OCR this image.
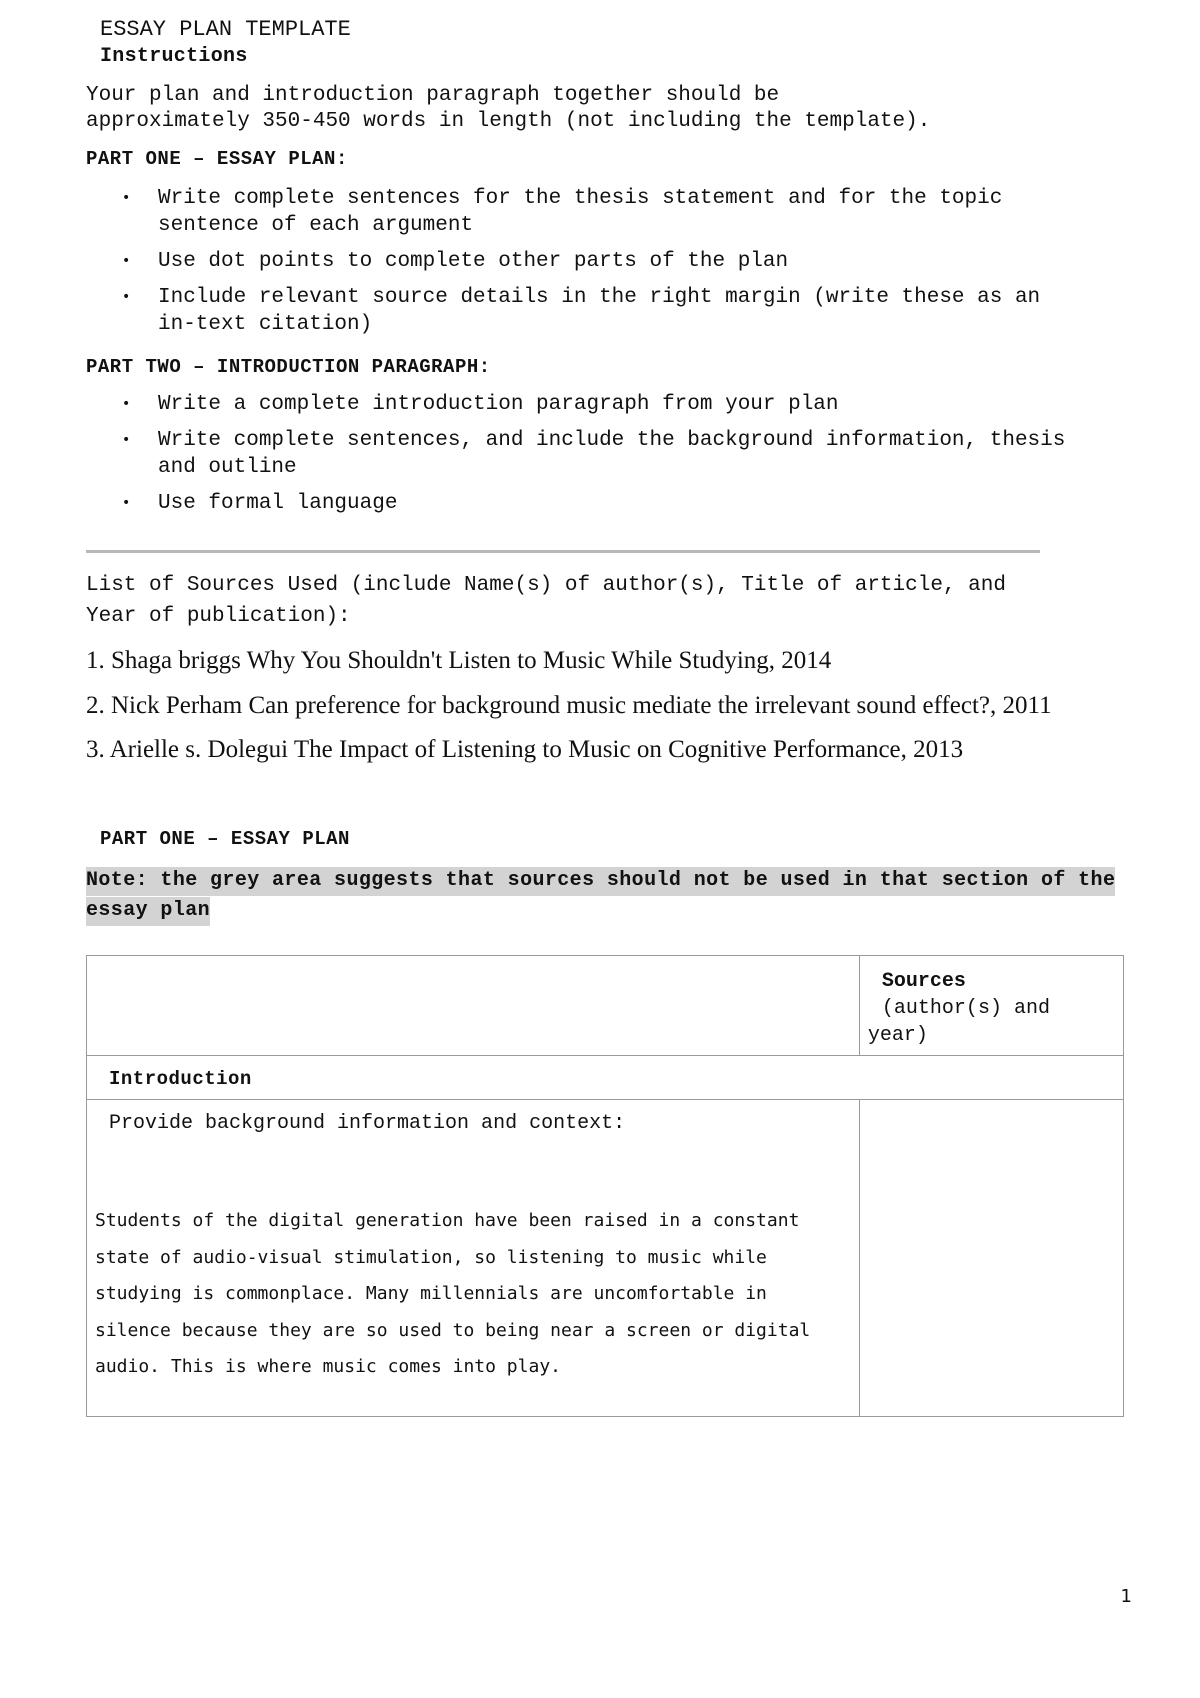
ESSAY PLAN TEMPLATE
Instructions
Your plan and introduction paragraph together should be
approximately 350-450 words in length (not including the template).
PART ONE – ESSAY PLAN:
• Write complete sentences for the thesis statement and for the topic
sentence of each argument
• Use dot points to complete other parts of the plan
• Include relevant source details in the right margin (write these as an
in-text citation)
PART TWO – INTRODUCTION PARAGRAPH:
• Write a complete introduction paragraph from your plan
• Write complete sentences, and include the background information, thesis
and outline
• Use formal language
List of Sources Used (include Name(s) of author(s), Title of article, and
Year of publication):
1. Shaga briggs Why You Shouldn't Listen to Music While Studying, 2014
2. Nick Perham Can preference for background music mediate the irrelevant sound effect?, 2011
3. Arielle s. Dolegui The Impact of Listening to Music on Cognitive Performance, 2013
PART ONE – ESSAY PLAN
Note: the grey area suggests that sources should not be used in that section of the essay plan

	Sources
(author(s) and
year)

Introduction	

Provide background information and context:
Students of the digital generation have been raised in a constant state of audio-visual stimulation, so listening to music while studying is commonplace. Many millennials are uncomfortable in silence because they are so used to being near a screen or digital audio. This is where music comes into play.	

1
